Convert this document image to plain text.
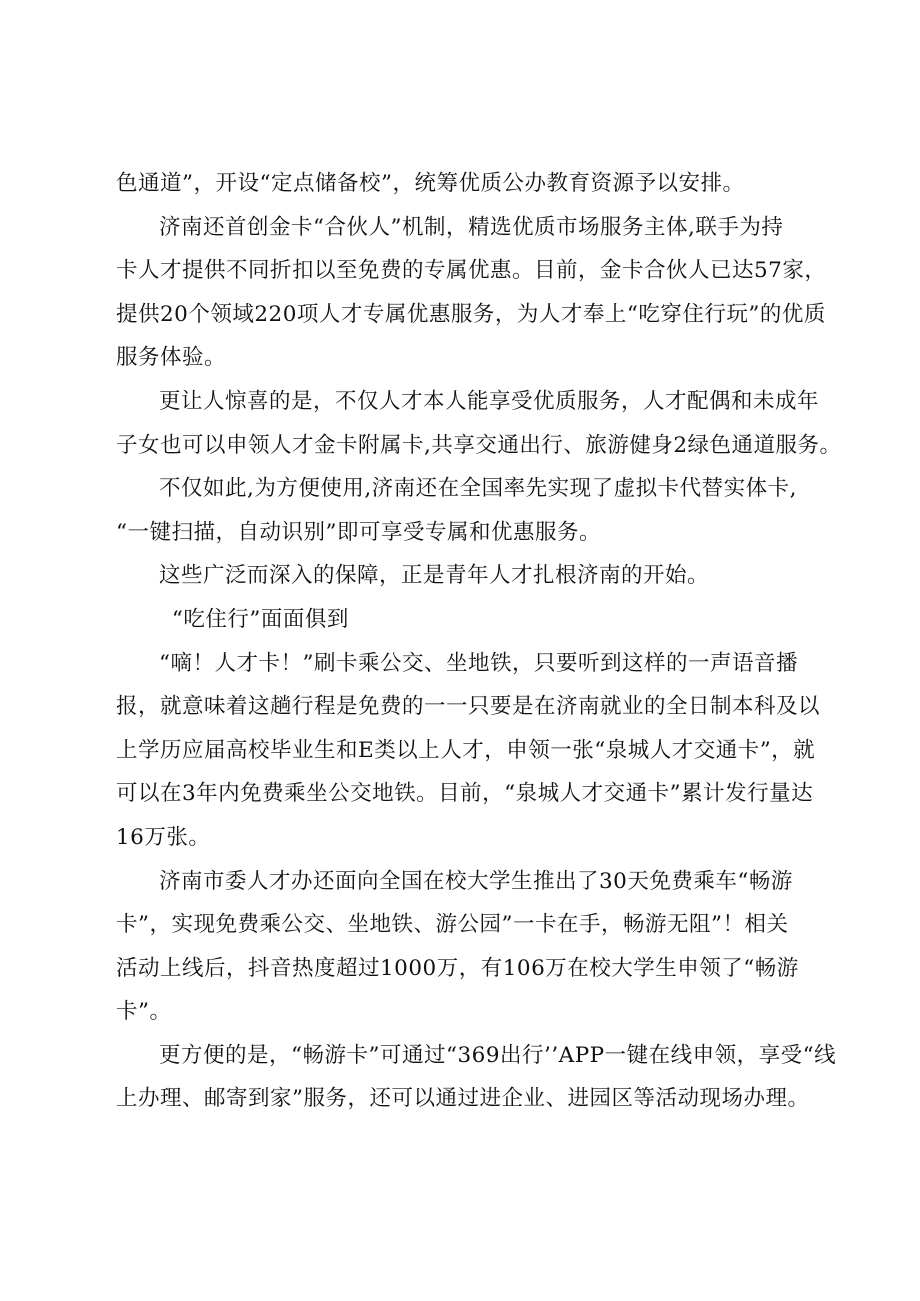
色通道”，开设“定点储备校”，统筹优质公办教育资源予以安排。

济南还首创金卡“合伙人”机制，精选优质市场服务主体,联手为持
卡人才提供不同折扣以至免费的专属优惠。目前，金卡合伙人已达57家，
提供20个领域220项人才专属优惠服务，为人才奉上“吃穿住行玩”的优质
服务体验。

更让人惊喜的是，不仅人才本人能享受优质服务，人才配偶和未成年
子女也可以申领人才金卡附属卡,共享交通出行、旅游健身2绿色通道服务。

不仅如此,为方便使用,济南还在全国率先实现了虚拟卡代替实体卡,
“一键扫描，自动识别”即可享受专属和优惠服务。

这些广泛而深入的保障，正是青年人才扎根济南的开始。

“吃住行”面面俱到

“嘀！人才卡！”刷卡乘公交、坐地铁，只要听到这样的一声语音播
报，就意味着这趟行程是免费的一一只要是在济南就业的全日制本科及以
上学历应届高校毕业生和E类以上人才，申领一张“泉城人才交通卡”，就
可以在3年内免费乘坐公交地铁。目前，“泉城人才交通卡”累计发行量达
16万张。

济南市委人才办还面向全国在校大学生推出了30天免费乘车“畅游
卡”，实现免费乘公交、坐地铁、游公园”一卡在手，畅游无阻”！相关
活动上线后，抖音热度超过1000万，有106万在校大学生申领了“畅游
卡”。

更方便的是，“畅游卡”可通过“369出行’’APP一键在线申领，享受“线
上办理、邮寄到家”服务，还可以通过进企业、进园区等活动现场办理。
